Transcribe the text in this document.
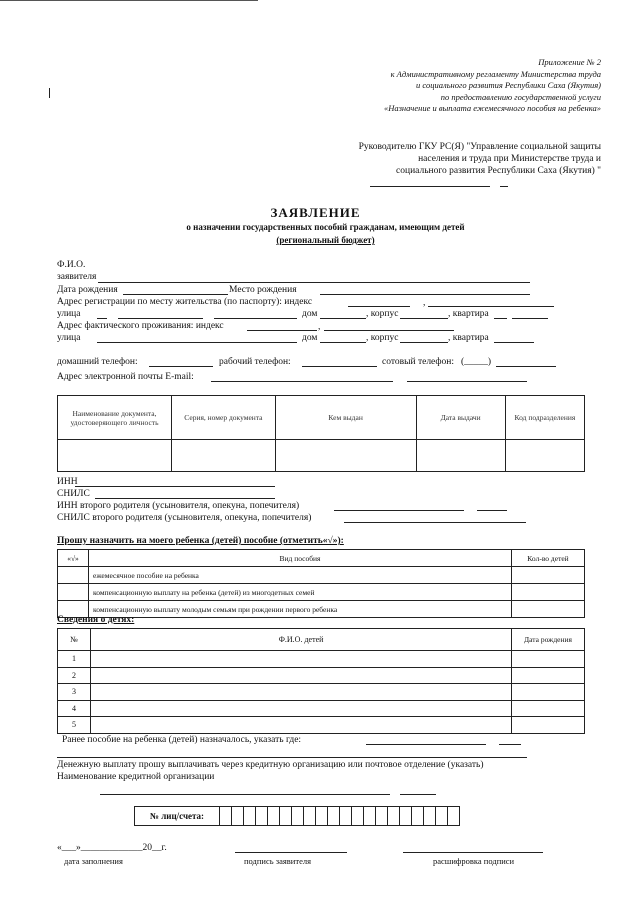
Приложение № 2
к Административному регламенту Министерства труда
и социального развития Республики Саха (Якутия)
по предоставлению государственной услуги
«Назначение и выплата ежемесячного пособия на ребенка»
Руководителю ГКУ РС(Я) "Управление социальной защиты
населения и труда при Министерстве труда и
социального развития Республики Саха (Якутия) "
ЗАЯВЛЕНИЕ
о назначении государственных пособий гражданам, имеющим детей
(региональный бюджет)
Ф.И.О.
заявителя
Дата рождения	Место рождения
Адрес регистрации по месту жительства (по паспорту): индекс	,
улица	дом	, корпус	, квартира
Адрес фактического проживания: индекс	,
улица	дом	, корпус	, квартира
домашний телефон:	рабочий телефон:	сотовый телефон: (_____)
Адрес электронной почты E-mail:
Наименование документа, удостоверяющего личность	Серия, номер документа	Кем выдан	Дата выдачи	Код подразделения

ИНН
СНИЛС
ИНН второго родителя (усыновителя, опекуна, попечителя)
СНИЛС второго родителя (усыновителя, опекуна, попечителя)
Прошу назначить на моего ребенка (детей) пособие (отметить«√»):
«√»	Вид пособия	Кол-во детей
	ежемесячное пособие на ребенка	
	компенсационную выплату на ребенка (детей) из многодетных семей	
	компенсационную выплату молодым семьям при рождении первого ребенка	
Сведения о детях:
№	Ф.И.О. детей	Дата рождения
1		
2		
3		
4		
5		
Ранее пособие на ребенка (детей) назначалось, указать где:
Денежную выплату прошу выплачивать через кредитную организацию или почтовое отделение (указать)
Наименование кредитной организации
№ лиц/счета:																				
«___»_____________20__г.
дата заполнения	подпись заявителя	расшифровка подписи
